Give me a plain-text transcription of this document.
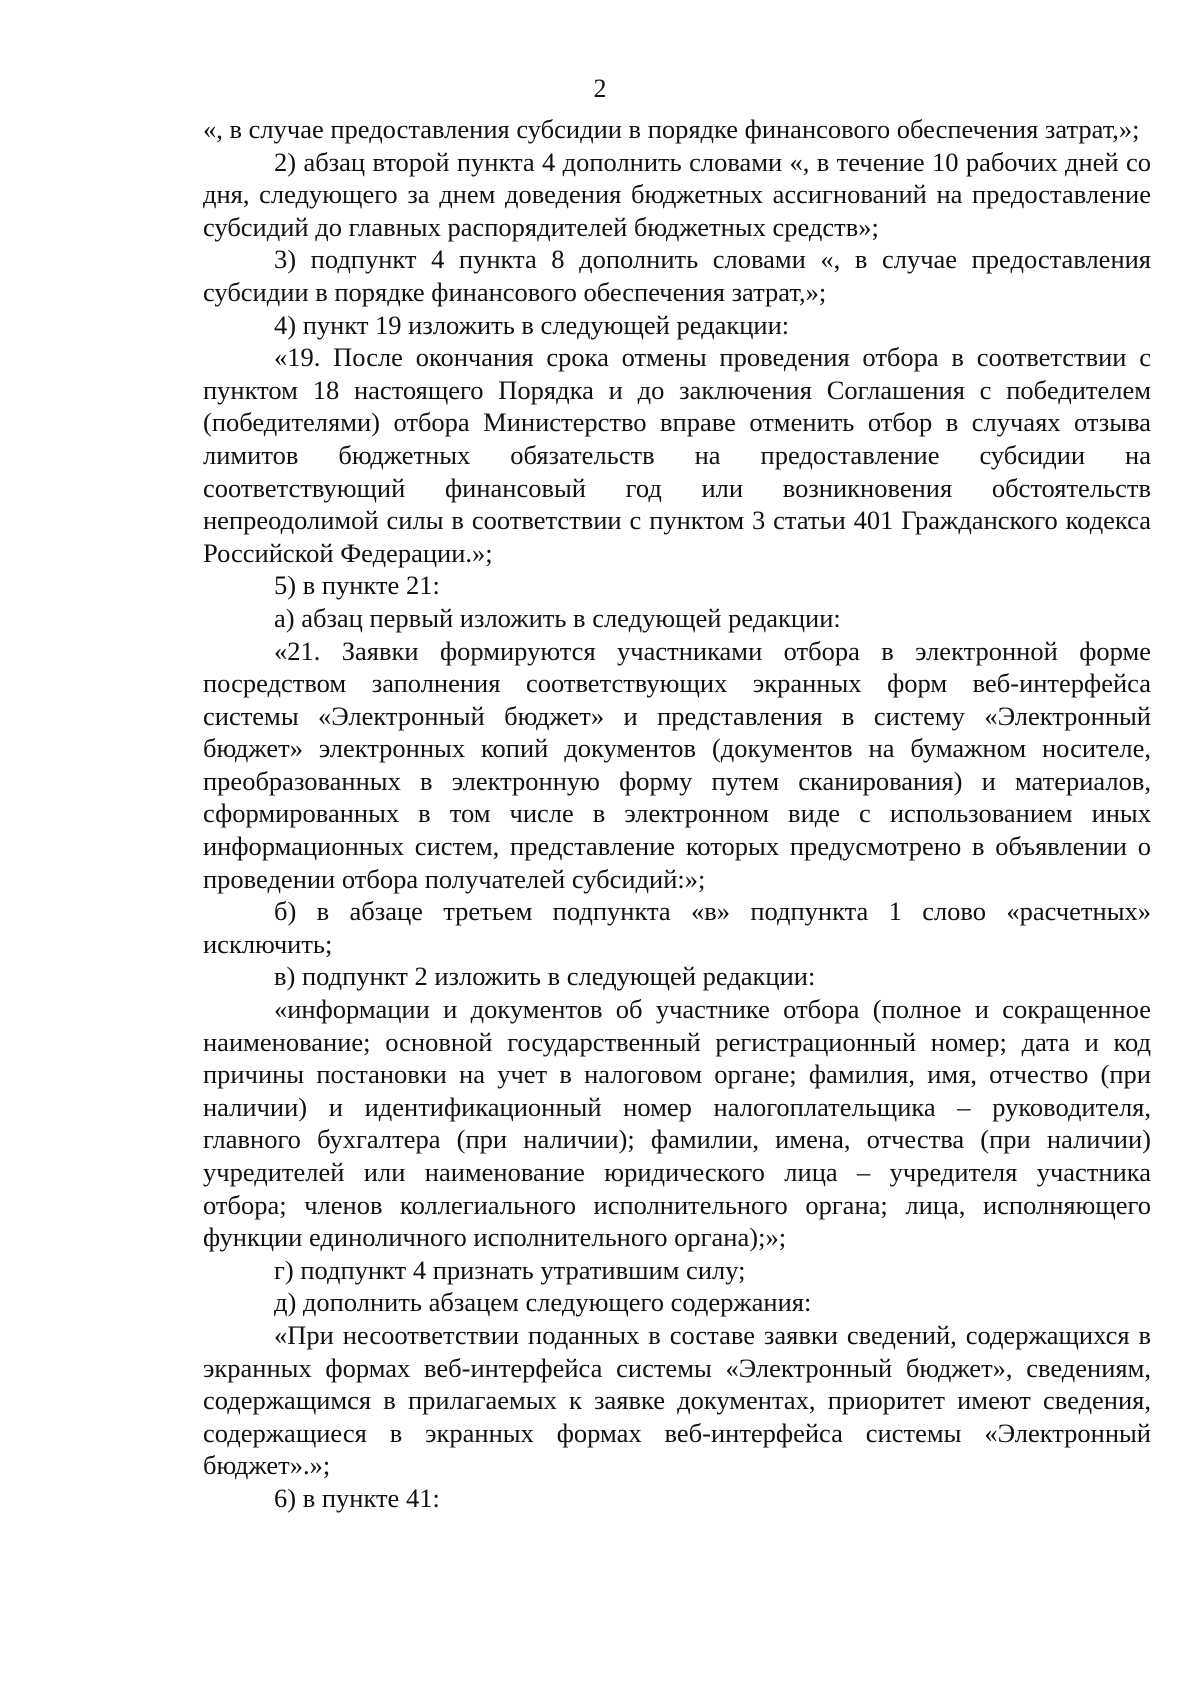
2

«, в случае предоставления субсидии в порядке финансового обеспечения затрат,»;

2) абзац второй пункта 4 дополнить словами «, в течение 10 рабочих дней со дня, следующего за днем доведения бюджетных ассигнований на предоставление субсидий до главных распорядителей бюджетных средств»;

3) подпункт 4 пункта 8 дополнить словами «, в случае предоставления субсидии в порядке финансового обеспечения затрат,»;

4) пункт 19 изложить в следующей редакции:

«19. После окончания срока отмены проведения отбора в соответствии с пунктом 18 настоящего Порядка и до заключения Соглашения с победителем (победителями) отбора Министерство вправе отменить отбор в случаях отзыва лимитов бюджетных обязательств на предоставление субсидии на соответствующий финансовый год или возникновения обстоятельств непреодолимой силы в соответствии с пунктом 3 статьи 401 Гражданского кодекса Российской Федерации.»;

5) в пункте 21:

а) абзац первый изложить в следующей редакции:

«21. Заявки формируются участниками отбора в электронной форме посредством заполнения соответствующих экранных форм веб-интерфейса системы «Электронный бюджет» и представления в систему «Электронный бюджет» электронных копий документов (документов на бумажном носителе, преобразованных в электронную форму путем сканирования) и материалов, сформированных в том числе в электронном виде с использованием иных информационных систем, представление которых предусмотрено в объявлении о проведении отбора получателей субсидий:»;

б) в абзаце третьем подпункта «в» подпункта 1 слово «расчетных» исключить;

в) подпункт 2 изложить в следующей редакции:

«информации и документов об участнике отбора (полное и сокращенное наименование; основной государственный регистрационный номер; дата и код причины постановки на учет в налоговом органе; фамилия, имя, отчество (при наличии) и идентификационный номер налогоплательщика – руководителя, главного бухгалтера (при наличии); фамилии, имена, отчества (при наличии) учредителей или наименование юридического лица – учредителя участника отбора; членов коллегиального исполнительного органа; лица, исполняющего функции единоличного исполнительного органа);»;

г) подпункт 4 признать утратившим силу;

д) дополнить абзацем следующего содержания:

«При несоответствии поданных в составе заявки сведений, содержащихся в экранных формах веб-интерфейса системы «Электронный бюджет», сведениям, содержащимся в прилагаемых к заявке документах, приоритет имеют сведения, содержащиеся в экранных формах веб-интерфейса системы «Электронный бюджет».»;

6) в пункте 41:
